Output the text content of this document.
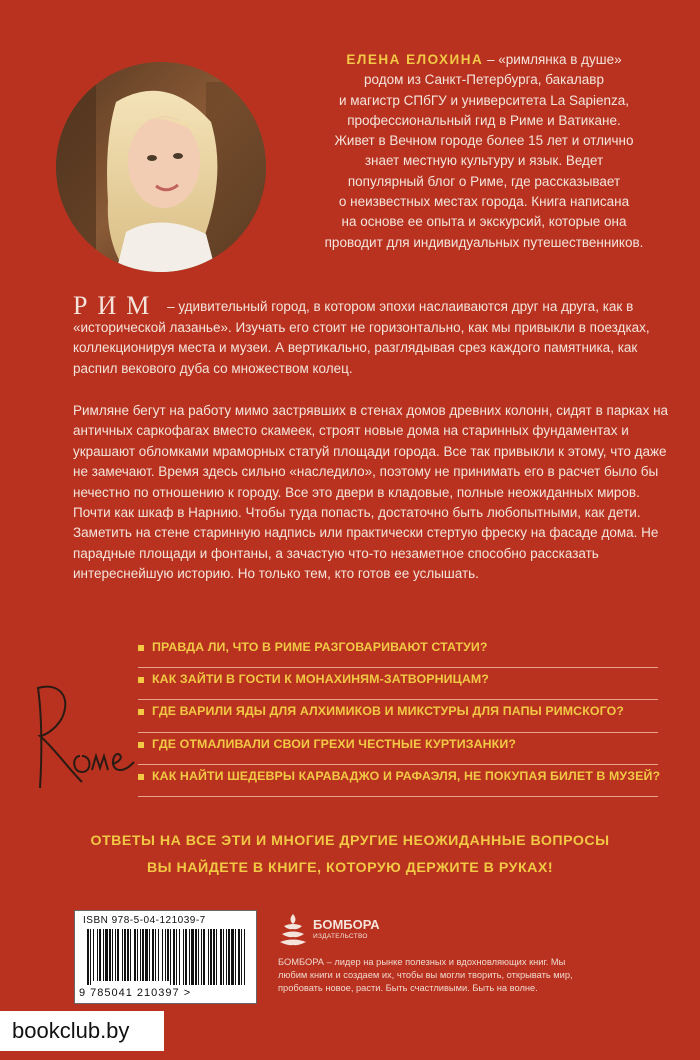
ЕЛЕНА ЕЛОХИНА – «римлянка в душе»
родом из Санкт-Петербурга, бакалавр
и магистр СПбГУ и университета La Sapienza,
профессиональный гид в Риме и Ватикане.
Живет в Вечном городе более 15 лет и отлично
знает местную культуру и язык. Ведет
популярный блог о Риме, где рассказывает
о неизвестных местах города. Книга написана
на основе ее опыта и экскурсий, которые она
проводит для индивидуальных путешественников.
РИМ – удивительный город, в котором эпохи наслаиваются друг на друга, как в «исторической лазанье». Изучать его стоит не горизонтально, как мы привыкли в поездках, коллекционируя места и музеи. А вертикально, разглядывая срез каждого памятника, как распил векового дуба со множеством колец.
Римляне бегут на работу мимо застрявших в стенах домов древних колонн, сидят в парках на античных саркофагах вместо скамеек, строят новые дома на старинных фундаментах и украшают обломками мраморных статуй площади города. Все так привыкли к этому, что даже не замечают. Время здесь сильно «наследило», поэтому не принимать его в расчет было бы нечестно по отношению к городу. Все это двери в кладовые, полные неожиданных миров. Почти как шкаф в Нарнию. Чтобы туда попасть, достаточно быть любопытными, как дети. Заметить на стене старинную надпись или практически стертую фреску на фасаде дома. Не парадные площади и фонтаны, а зачастую что-то незаметное способно рассказать интереснейшую историю. Но только тем, кто готов ее услышать.
ПРАВДА ЛИ, ЧТО В РИМЕ РАЗГОВАРИВАЮТ СТАТУИ?
КАК ЗАЙТИ В ГОСТИ К МОНАХИНЯМ-ЗАТВОРНИЦАМ?
ГДЕ ВАРИЛИ ЯДЫ ДЛЯ АЛХИМИКОВ И МИКСТУРЫ ДЛЯ ПАПЫ РИМСКОГО?
ГДЕ ОТМАЛИВАЛИ СВОИ ГРЕХИ ЧЕСТНЫЕ КУРТИЗАНКИ?
КАК НАЙТИ ШЕДЕВРЫ КАРАВАДЖО И РАФАЭЛЯ, НЕ ПОКУПАЯ БИЛЕТ В МУЗЕЙ?
ОТВЕТЫ НА ВСЕ ЭТИ И МНОГИЕ ДРУГИЕ НЕОЖИДАННЫЕ ВОПРОСЫ
ВЫ НАЙДЕТЕ В КНИГЕ, КОТОРУЮ ДЕРЖИТЕ В РУКАХ!
ISBN 978-5-04-121039-7
9 785041 210397 >
БОМБОРА
ИЗДАТЕЛЬСТВО
БОМБОРА – лидер на рынке полезных и вдохновляющих книг. Мы любим книги и создаем их, чтобы вы могли творить, открывать мир, пробовать новое, расти. Быть счастливыми. Быть на волне.
bookclub.by
